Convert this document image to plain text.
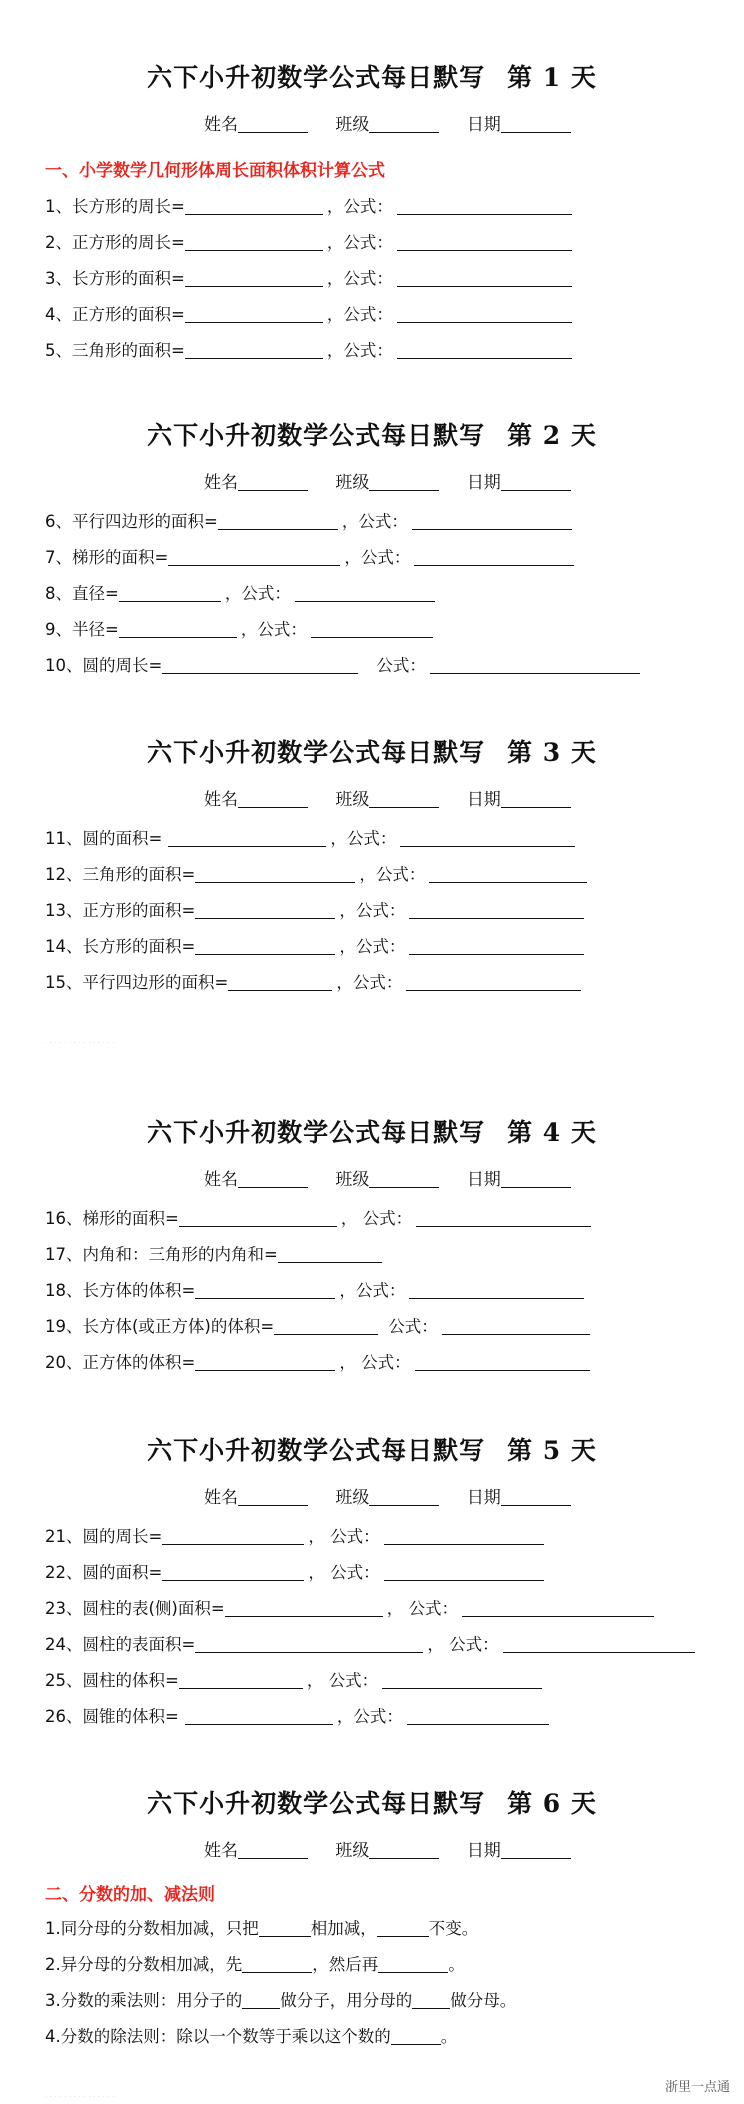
六下小升初数学公式每日默写 第 1 天
姓名	班级	日期
一、小学数学几何形体周长面积体积计算公式
1、长方形的周长=	，公式：
2、正方形的周长=	，公式：
3、长方形的面积=	，公式：
4、正方形的面积=	，公式：
5、三角形的面积=	，公式：
六下小升初数学公式每日默写 第 2 天
姓名	班级	日期
6、平行四边形的面积=	，公式：
7、梯形的面积=	，公式：
8、直径=	，公式：
9、半径=	，公式：
10、圆的周长=	公式：
六下小升初数学公式每日默写 第 3 天
姓名	班级	日期
11、圆的面积=	，公式：
12、三角形的面积=	，公式：
13、正方形的面积=	，公式：
14、长方形的面积=	，公式：
15、平行四边形的面积=	，公式：
· · · · · · · · · · · · · · ·
六下小升初数学公式每日默写 第 4 天
姓名	班级	日期
16、梯形的面积=	， 公式：
17、内角和：三角形的内角和=
18、长方体的体积=	，公式：
19、长方体(或正方体)的体积=	公式：
20、正方体的体积=	， 公式：
六下小升初数学公式每日默写 第 5 天
姓名	班级	日期
21、圆的周长=	， 公式：
22、圆的面积=	， 公式：
23、圆柱的表(侧)面积=	， 公式：
24、圆柱的表面积=	， 公式：
25、圆柱的体积=	， 公式：
26、圆锥的体积=	，公式：
六下小升初数学公式每日默写 第 6 天
姓名	班级	日期
二、分数的加、减法则
1.同分母的分数相加减，只把	相加减，	不变。
2.异分母的分数相加减，先	，然后再	。
3.分数的乘法则：用分子的 做分子，用分母的 做分母。
4.分数的除法则：除以一个数等于乘以这个数的	。
· · · · · · · · · · · · · · ·
浙里一点通
